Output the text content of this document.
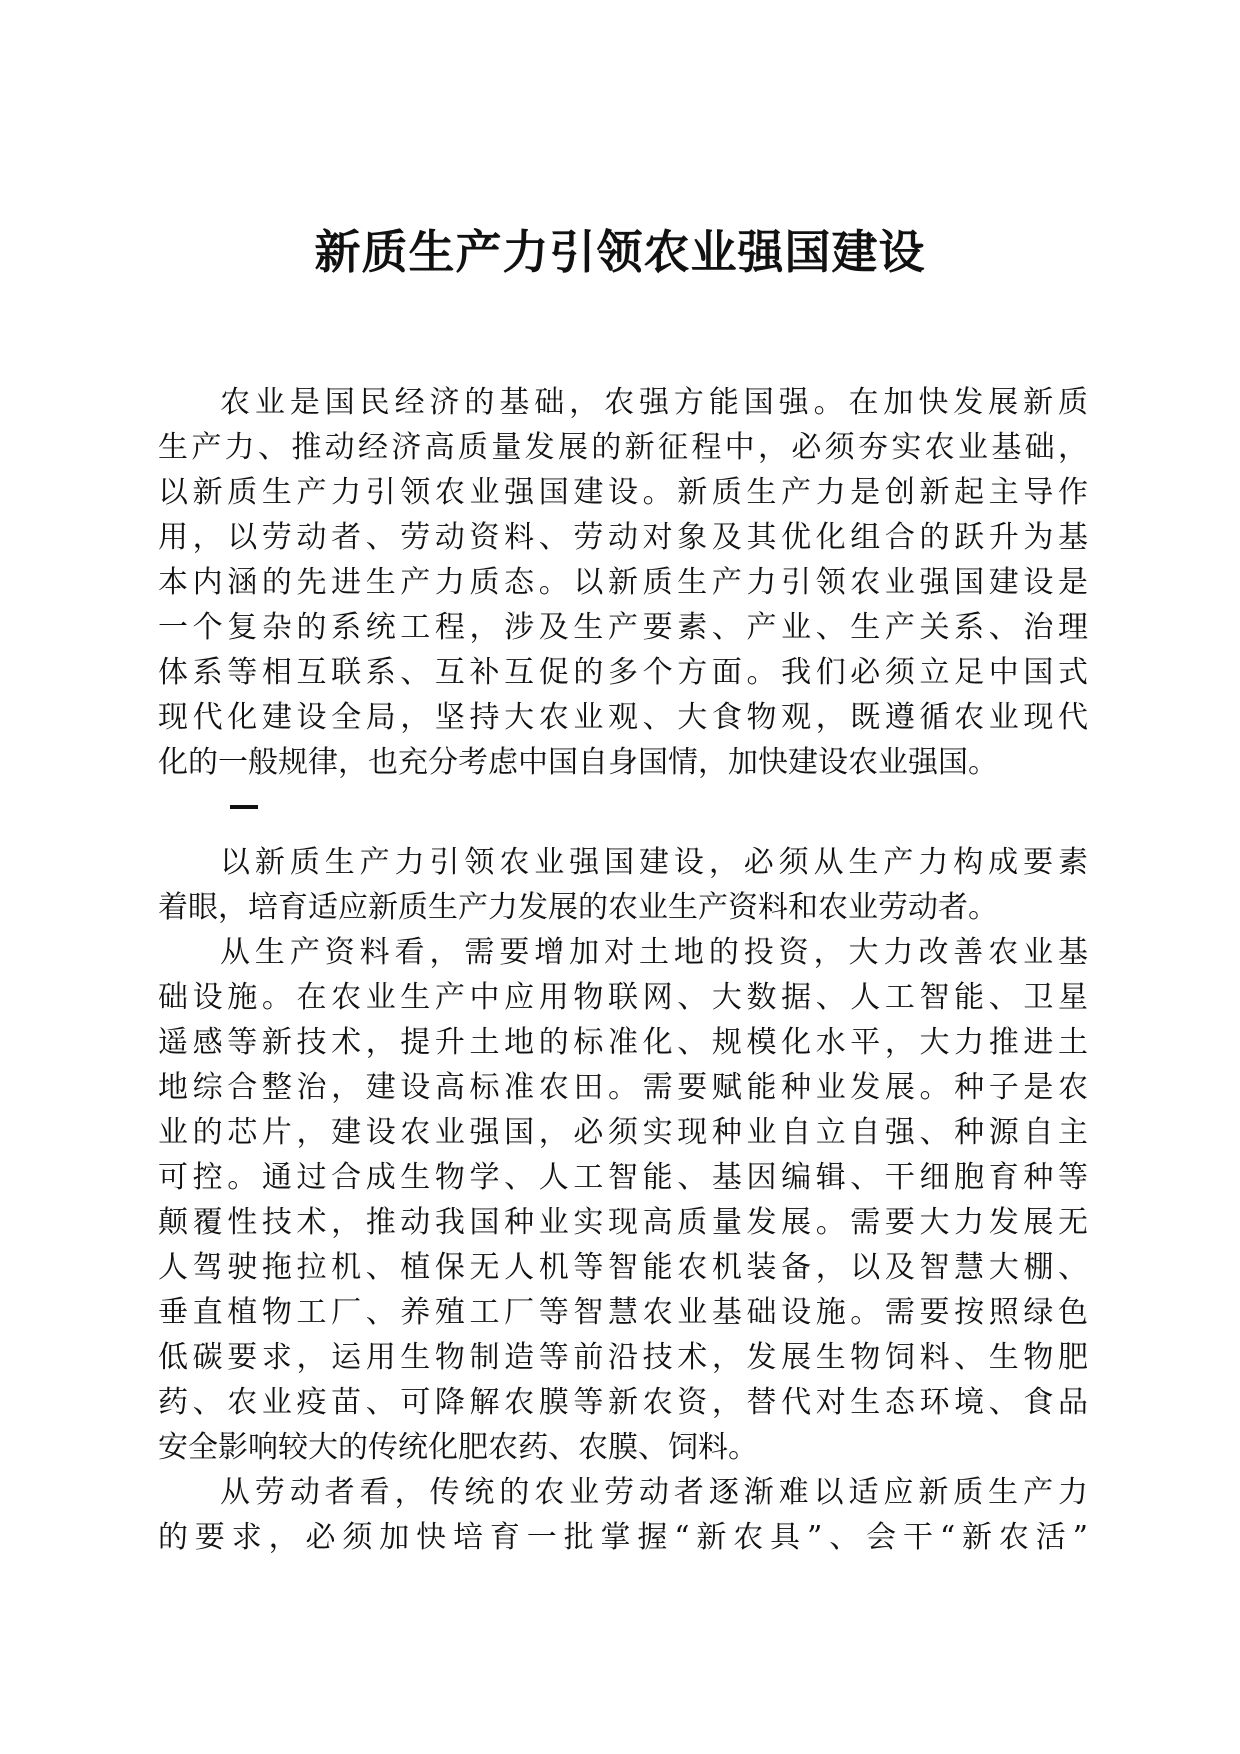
新质生产力引领农业强国建设
农业是国民经济的基础，农强方能国强。在加快发展新质
生产力、推动经济高质量发展的新征程中，必须夯实农业基础，
以新质生产力引领农业强国建设。新质生产力是创新起主导作
用，以劳动者、劳动资料、劳动对象及其优化组合的跃升为基
本内涵的先进生产力质态。以新质生产力引领农业强国建设是
一个复杂的系统工程，涉及生产要素、产业、生产关系、治理
体系等相互联系、互补互促的多个方面。我们必须立足中国式
现代化建设全局，坚持大农业观、大食物观，既遵循农业现代
化的一般规律，也充分考虑中国自身国情，加快建设农业强国。
以新质生产力引领农业强国建设，必须从生产力构成要素
着眼，培育适应新质生产力发展的农业生产资料和农业劳动者。
从生产资料看，需要增加对土地的投资，大力改善农业基
础设施。在农业生产中应用物联网、大数据、人工智能、卫星
遥感等新技术，提升土地的标准化、规模化水平，大力推进土
地综合整治，建设高标准农田。需要赋能种业发展。种子是农
业的芯片，建设农业强国，必须实现种业自立自强、种源自主
可控。通过合成生物学、人工智能、基因编辑、干细胞育种等
颠覆性技术，推动我国种业实现高质量发展。需要大力发展无
人驾驶拖拉机、植保无人机等智能农机装备，以及智慧大棚、
垂直植物工厂、养殖工厂等智慧农业基础设施。需要按照绿色
低碳要求，运用生物制造等前沿技术，发展生物饲料、生物肥
药、农业疫苗、可降解农膜等新农资，替代对生态环境、食品
安全影响较大的传统化肥农药、农膜、饲料。
从劳动者看，传统的农业劳动者逐渐难以适应新质生产力
的要求，必须加快培育一批掌握“新农具”、会干“新农活”
